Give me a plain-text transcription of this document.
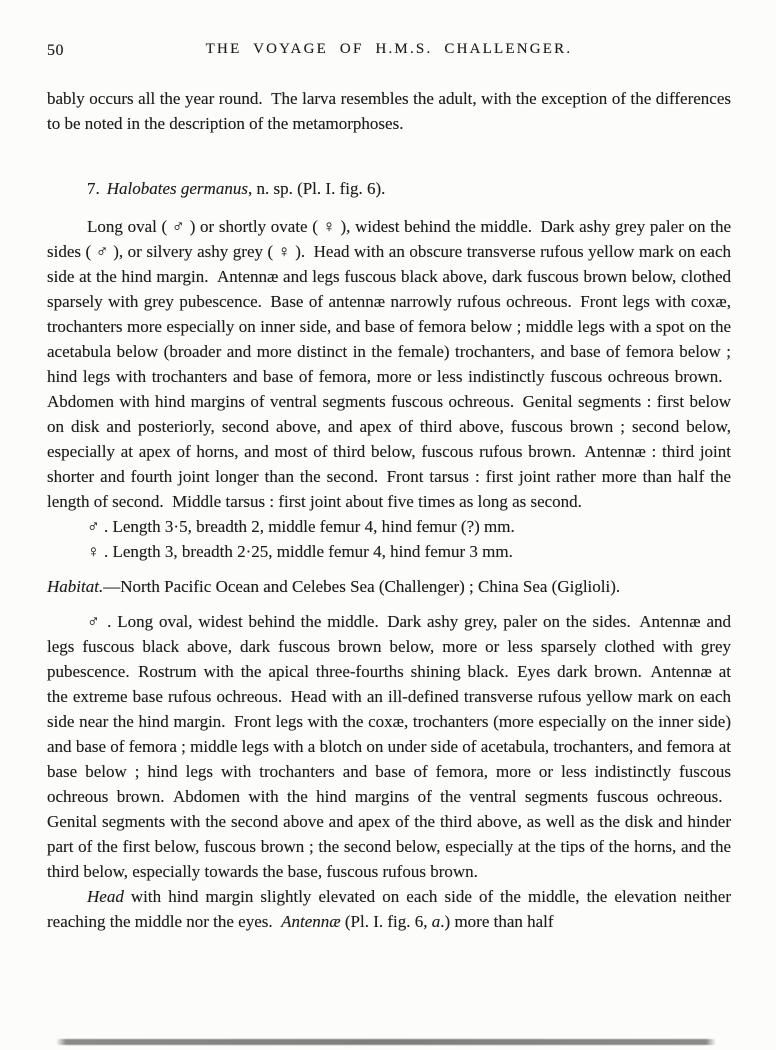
50	THE VOYAGE OF H.M.S. CHALLENGER.

bably occurs all the year round. The larva resembles the adult, with the exception of the differences to be noted in the description of the metamorphoses.

7. Halobates germanus, n. sp. (Pl. I. fig. 6).

Long oval ( ♂ ) or shortly ovate ( ♀ ), widest behind the middle. Dark ashy grey paler on the sides ( ♂ ), or silvery ashy grey ( ♀ ). Head with an obscure transverse rufous yellow mark on each side at the hind margin. Antennæ and legs fuscous black above, dark fuscous brown below, clothed sparsely with grey pubescence. Base of antennæ narrowly rufous ochreous. Front legs with coxæ, trochanters more especially on inner side, and base of femora below ; middle legs with a spot on the acetabula below (broader and more distinct in the female) trochanters, and base of femora below ; hind legs with trochanters and base of femora, more or less indistinctly fuscous ochreous brown. Abdomen with hind margins of ventral segments fuscous ochreous. Genital segments : first below on disk and posteriorly, second above, and apex of third above, fuscous brown ; second below, especially at apex of horns, and most of third below, fuscous rufous brown. Antennæ : third joint shorter and fourth joint longer than the second. Front tarsus : first joint rather more than half the length of second. Middle tarsus : first joint about five times as long as second.

♂ . Length 3·5, breadth 2, middle femur 4, hind femur (?) mm.

♀ . Length 3, breadth 2·25, middle femur 4, hind femur 3 mm.

Habitat.—North Pacific Ocean and Celebes Sea (Challenger) ; China Sea (Giglioli).

♂ . Long oval, widest behind the middle. Dark ashy grey, paler on the sides. Antennæ and legs fuscous black above, dark fuscous brown below, more or less sparsely clothed with grey pubescence. Rostrum with the apical three-fourths shining black. Eyes dark brown. Antennæ at the extreme base rufous ochreous. Head with an ill-defined transverse rufous yellow mark on each side near the hind margin. Front legs with the coxæ, trochanters (more especially on the inner side) and base of femora ; middle legs with a blotch on under side of acetabula, trochanters, and femora at base below ; hind legs with trochanters and base of femora, more or less indistinctly fuscous ochreous brown. Abdomen with the hind margins of the ventral segments fuscous ochreous. Genital segments with the second above and apex of the third above, as well as the disk and hinder part of the first below, fuscous brown ; the second below, especially at the tips of the horns, and the third below, especially towards the base, fuscous rufous brown.

Head with hind margin slightly elevated on each side of the middle, the elevation neither reaching the middle nor the eyes. Antennæ (Pl. I. fig. 6, a.) more than half
